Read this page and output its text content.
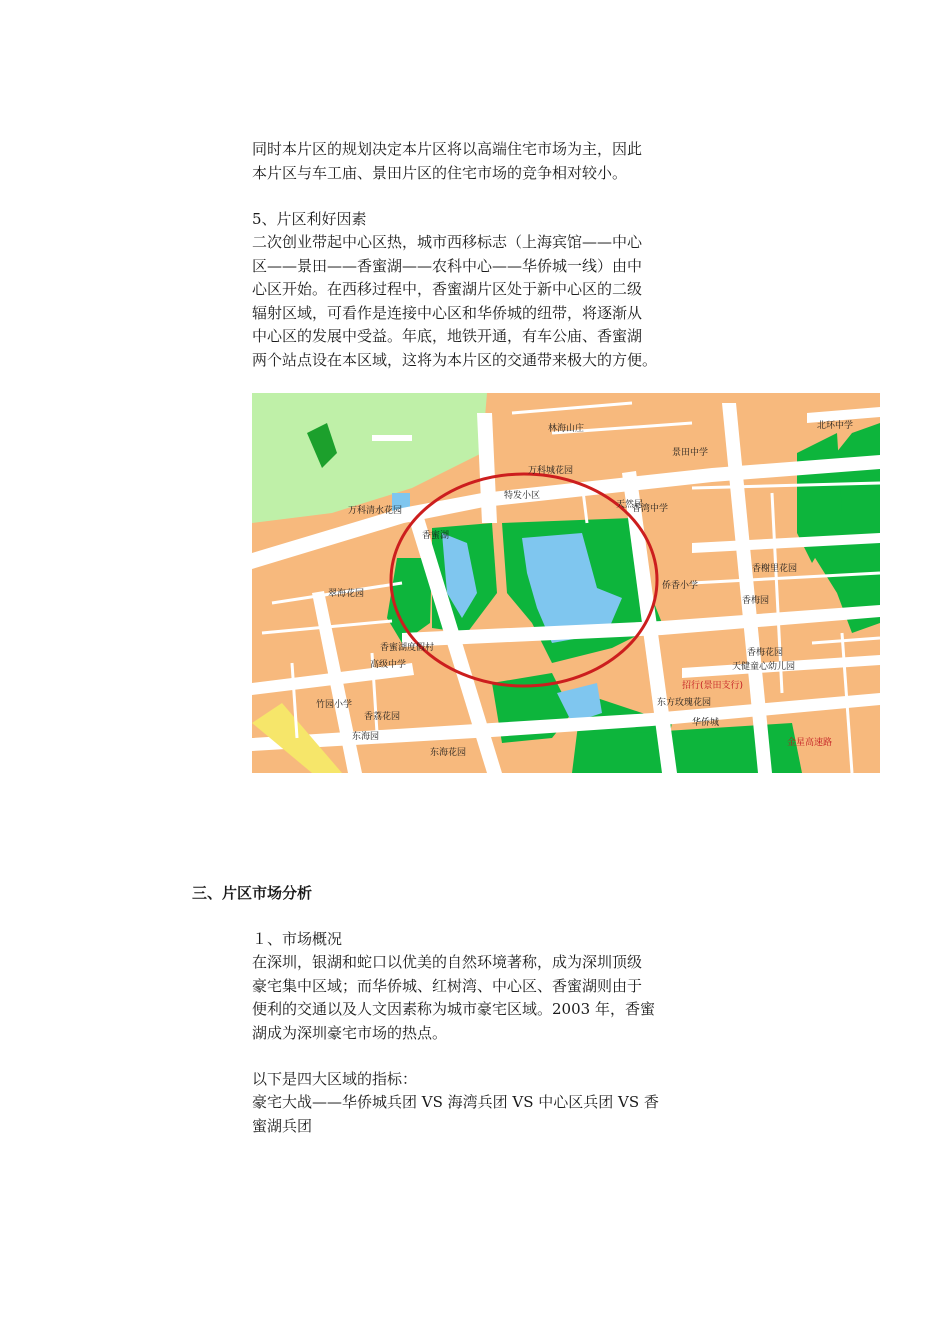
同时本片区的规划决定本片区将以高端住宅市场为主，因此
本片区与车工庙、景田片区的住宅市场的竞争相对较小。
5、片区利好因素
二次创业带起中心区热，城市西移标志（上海宾馆——中心
区——景田——香蜜湖——农科中心——华侨城一线）由中
心区开始。在西移过程中，香蜜湖片区处于新中心区的二级
辐射区域，可看作是连接中心区和华侨城的纽带，将逐渐从
中心区的发展中受益。年底，地铁开通，有车公庙、香蜜湖
两个站点设在本区域，这将为本片区的交通带来极大的方便。
林海山庄
景田中学
北环中学
万科城花园
特发小区
万科清水花园
天然居
香湾中学
侨香小学
香梅园
香蜜湖
翠海花园
东海花园
高级中学
竹园小学
香荔花园
东海园
香蜜湖度假村
香榭里花园
天健童心幼儿园
金星高速路
招行(景田支行)
东方玫瑰花园
香梅花园
华侨城
三、片区市场分析
１、市场概况
在深圳，银湖和蛇口以优美的自然环境著称，成为深圳顶级
豪宅集中区域；而华侨城、红树湾、中心区、香蜜湖则由于
便利的交通以及人文因素称为城市豪宅区域。2003 年，香蜜
湖成为深圳豪宅市场的热点。
以下是四大区域的指标：
豪宅大战——华侨城兵团 VS 海湾兵团 VS 中心区兵团 VS 香
蜜湖兵团
